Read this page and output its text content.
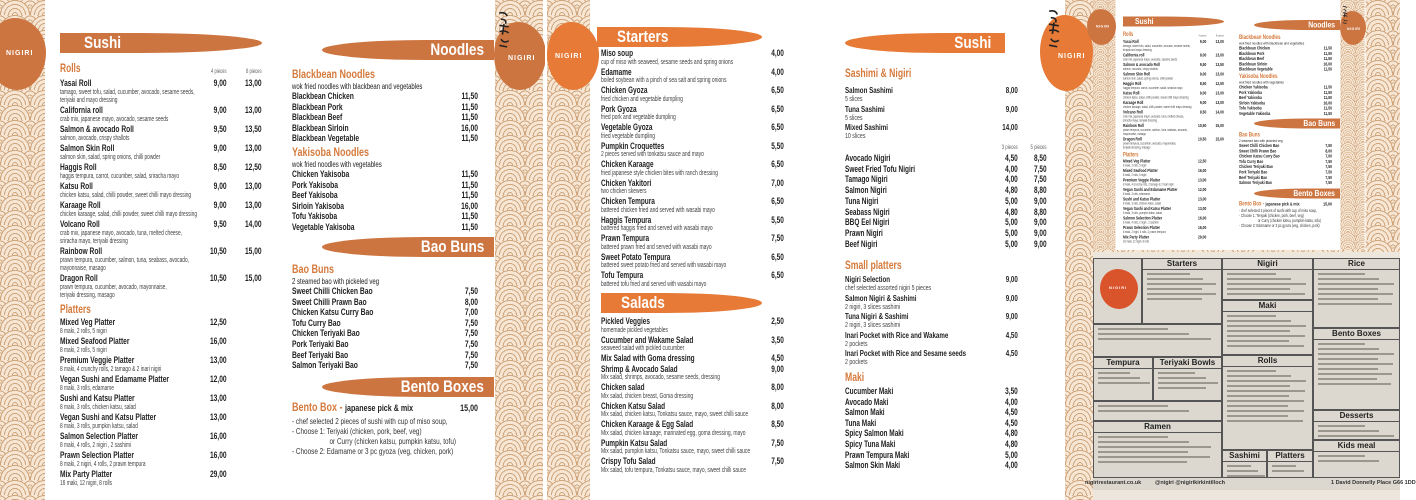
NIGIRI
Sushi
Rolls	4 pieces	8 pieces
Yasai Roll	9,00	13,00
tamago, sweet tofu, salad, cucumber, avocado, sesame seeds,
teriyaki and mayo dressing
California roll	9,00	13,00
crab mix, japanese mayo, avocado, sesame seeds
Salmon & avocado Roll	9,50	13,50
salmon, avocado, crispy shallots
Salmon Skin Roll	9,00	13,00
salmon skin, salad, spring onions, chilli powder
Haggis Roll	8,50	12,50
haggis tempura, carrot, cucumber, salad, sriracha mayo
Katsu Roll	9,00	13,00
chicken katsu, salad, chilli powder, sweet chilli mayo dressing
Karaage Roll	9,00	13,00
chicken karaage, salad, chilli powder, sweet chilli mayo dressing
Volcano Roll	9,50	14,00
crab mix, japanese mayo, avocado, tuna, melted cheese,
sriracha mayo, teriyaki dressing
Rainbow Roll	10,50	15,00
prawn tempura, cucumber, salmon, tuna, seabass, avocado,
mayonnaise, masago
Dragon Roll	10,50	15,00
prawn tempura, cucumber, avocado, mayonnaise,
teriyaki dressing, masago
Platters
Mixed Veg Platter	12,50
8 maki, 2 rolls, 5 nigiri
Mixed Seafood Platter	16,00
8 maki, 2 rolls, 5 nigiri
Premium Veggie Platter	13,00
8 maki, 4 crunchy rolls, 2 tamago & 2 inari nigiri
Vegan Sushi and Edamame Platter	12,00
8 maki, 3 rolls, edamame
Sushi and Katsu Platter	13,00
8 maki, 3 rolls, chicken katsu, salad
Vegan Sushi and Katsu Platter	13,00
8 maki, 3 rolls, pumpkin katsu, salad
Salmon Selection Platter	16,00
8 maki, 4 rolls, 2 nigiri , 2 sashimi
Prawn Selection Platter	16,00
8 maki, 2 nigiri, 4 rolls, 2 prawn tempura
Mix Party Platter	29,00
16 maki, 12 nigiri, 8 rolls
NIGIRI
Noodles
Bao Buns
Bento Boxes
Blackbean Noodles
wok fried noodles with blackbean and vegetables
Blackbean Chicken	11,50
Blackbean Pork	11,50
Blackbean Beef	11,50
Blackbean Sirloin	16,00
Blackbean Vegetable	11,50
Yakisoba Noodles
wok fried noodles with vegetables
Chicken Yakisoba	11,50
Pork Yakisoba	11,50
Beef Yakisoba	11,50
Sirloin Yakisoba	16,00
Tofu Yakisoba	11,50
Vegetable Yakisoba	11,50
Bao Buns
2 steamed bao with pickeled veg
Sweet Chilli Chicken Bao	7,50
Sweet Chilli Prawn Bao	8,00
Chicken Katsu Curry Bao	7,00
Tofu Curry Bao	7,50
Chicken Teriyaki Bao	7,50
Pork Teriyaki Bao	7,50
Beef Teriyaki Bao	7,50
Salmon Teriyaki Bao	7,50
Bento Box - japanese pick & mix	15,00
- chef selected 2 pieces of sushi with cup of miso soup,
- Choose 1: Teriyaki (chicken, pork, beef, veg)
or Curry (chicken katsu, pumpkin katsu, tofu)
- Choose 2: Edamame or 3 pc gyoza (veg, chicken, pork)
NIGIRI
Starters
Salads
Miso soup	4,00
cup of miso with seaweed, sesame seeds and spring onions
Edamame	4,00
boiled soybean with a pinch of sea salt and spring onions
Chicken Gyoza	6,50
fried chicken and vegetable dumpling
Pork Gyoza	6,50
fried pork and vegetable dumpling
Vegetable Gyoza	6,50
fried vegetable dumpling
Pumpkin Croquettes	5,50
2 pieces served with tonkatsu sauce and mayo
Chicken Karaage	6,50
fried japanese style chicken bites with ranch dressing
Chicken Yakitori	7,00
two chicken skewers
Chicken Tempura	6,50
battered chicken fried and served with wasabi mayo
Haggis Tempura	5,50
battered haggis fried and served with wasabi mayo
Prawn Tempura	7,50
battered prawn fried and served with wasabi mayo
Sweet Potato Tempura	6,50
battered sweet potato fried and served with wasabi mayo
Tofu Tempura	6,50
battered tofu fried and served with wasabi mayo
Pickled Veggies	2,50
homemade pickled vegetables
Cucumber and Wakame Salad	3,50
seaweed salad with pickled cucumber
Mix Salad with Goma dressing	4,50
Shrimp & Avocado Salad	9,00
Mix salad, shrimps, avocado, sesame seeds, dressing
Chicken salad	8,00
Mix salad, chicken breast, Goma dressing
Chicken Katsu Salad	8,00
Mix salad, chicken katsu, Tonkatsu sauce, mayo, sweet chilli sauce
Chicken Karaage & Egg Salad	8,50
Mix salad, chicken karaage, marinated egg, goma dressing, mayo
Pumpkin Katsu Salad	7,50
Mix salad, pumpkin katsu, Tonkatsu sauce, mayo, sweet chilli sauce
Crispy Tofu Salad	7,50
Mix salad, tofu tempura, Tonkatsu sauce, mayo, sweet chilli sauce
Sushi
Sashimi & Nigiri
Salmon Sashimi	8,00
5 slices
Tuna Sashimi	9,00
5 slices
Mixed Sashimi	14,00
10 slices
3 pieces	5 pieces
Avocado Nigiri	4,50	8,50
Sweet Fried Tofu Nigiri	4,00	7,50
Tamago Nigiri	4,00	7,50
Salmon Nigiri	4,80	8,80
Tuna Nigiri	5,00	9,00
Seabass Nigiri	4,80	8,80
BBQ Eel Nigiri	5,00	9,00
Prawn Nigiri	5,00	9,00
Beef Nigiri	5,00	9,00
Small platters
Nigiri Selection	9,00
chef selected assorted nigiri 5 pieces
Salmon Nigiri & Sashimi	9,00
2 nigiri, 3 slices sashimi
Tuna Nigiri & Sashimi	9,00
2 nigiri, 3 slices sashimi
Inari Pocket with Rice and Wakame	4,50
2 pockets
Inari Pocket with Rice and Sesame seeds	4,50
2 pockets
Maki
Cucumber Maki	3,50
Avocado Maki	4,00
Salmon Maki	4,50
Tuna Maki	4,50
Spicy Salmon Maki	4,80
Spicy Tuna Maki	4,80
Prawn Tempura Maki	5,00
Salmon Skin Maki	4,00
NIGIRI
NIGIRI
Sushi
Rolls	4 pieces	8 pieces
Yasai Roll	9,00 13,00
tamago, sweet tofu, salad, cucumber, avocado, sesame seeds,
teriyaki and mayo dressing
California roll	9,00 13,00
crab mix, japanese mayo, avocado, sesame seeds
Salmon & avocado Roll	9,50 13,50
salmon, avocado, crispy shallots
Salmon Skin Roll	9,00 13,00
salmon skin, salad, spring onions, chilli powder
Haggis Roll	8,50 12,50
haggis tempura, carrot, cucumber, salad, sriracha mayo
Katsu Roll	9,00 13,00
chicken katsu, salad, chilli powder, sweet chilli mayo dressing
Karaage Roll	9,00 13,00
chicken karaage, salad, chilli powder, sweet chilli mayo dressing
Volcano Roll	9,50 14,00
crab mix, japanese mayo, avocado, tuna, melted cheese,
sriracha mayo, teriyaki dressing
Rainbow Roll	10,50 15,00
prawn tempura, cucumber, salmon, tuna, seabass, avocado,
mayonnaise, masago
Dragon Roll	10,50 15,00
prawn tempura, cucumber, avocado, mayonnaise,
teriyaki dressing, masago
Platters
Mixed Veg Platter	12,50
8 maki, 2 rolls, 5 nigiri
Mixed Seafood Platter	16,00
8 maki, 2 rolls, 5 nigiri
Premium Veggie Platter	13,00
8 maki, 4 crunchy rolls, 2 tamago & 2 inari nigiri
Vegan Sushi and Edamame Platter	12,00
8 maki, 3 rolls, edamame
Sushi and Katsu Platter	13,00
8 maki, 3 rolls, chicken katsu, salad
Vegan Sushi and Katsu Platter	13,00
8 maki, 3 rolls, pumpkin katsu, salad
Salmon Selection Platter	16,00
8 maki, 4 rolls, 2 nigiri , 2 sashimi
Prawn Selection Platter	16,00
8 maki, 2 nigiri, 4 rolls, 2 prawn tempura
Mix Party Platter	29,00
16 maki, 12 nigiri, 8 rolls
NIGIRI
Noodles
Bao Buns
Bento Boxes
Blackbean Noodles
wok fried noodles with blackbean and vegetables
Blackbean Chicken	11,50
Blackbean Pork	11,50
Blackbean Beef	11,50
Blackbean Sirloin	16,00
Blackbean Vegetable	11,50
Yakisoba Noodles
wok fried noodles with vegetables
Chicken Yakisoba	11,50
Pork Yakisoba	11,50
Beef Yakisoba	11,50
Sirloin Yakisoba	16,00
Tofu Yakisoba	11,50
Vegetable Yakisoba	11,50
Bao Buns
2 steamed bao with pickeled veg
Sweet Chilli Chicken Bao	7,50
Sweet Chilli Prawn Bao	8,00
Chicken Katsu Curry Bao	7,00
Tofu Curry Bao	7,50
Chicken Teriyaki Bao	7,50
Pork Teriyaki Bao	7,50
Beef Teriyaki Bao	7,50
Salmon Teriyaki Bao	7,50
Bento Box - japanese pick & mix	15,00
- chef selected 2 pieces of sushi with cup of miso soup,
- Choose 1: Teriyaki (chicken, pork, beef, veg)
or Curry (chicken katsu, pumpkin katsu, tofu)
- Choose 2: Edamame or 3 pc gyoza (veg, chicken, pork)
NIGIRI
Starters	Nigiri	Rice
Maki
Bento Boxes
Tempura	Teriyaki Bowls	Rolls
Desserts
Ramen
Sashimi	Platters
Kids meal
nigirirestaurant.co.uk	@nigiri @nigirikirkintilloch	1 David Donnelly Place G66 1DD
